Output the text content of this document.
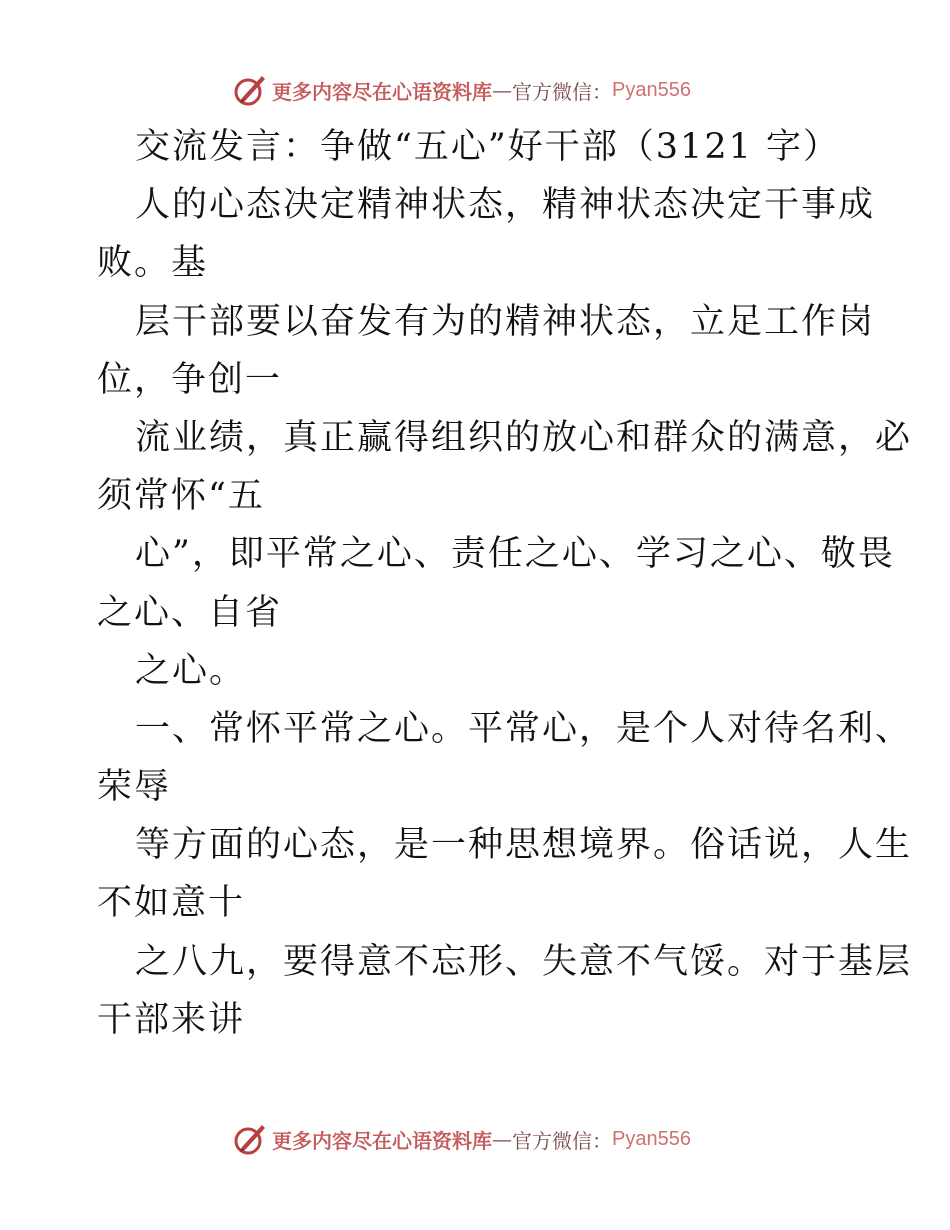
更多内容尽在心语资料库 — 官方微信： Pyan556
交流发言：争做“五心”好干部（3121 字）
人的心态决定精神状态，精神状态决定干事成
败。基
层干部要以奋发有为的精神状态，立足工作岗
位，争创一
流业绩，真正赢得组织的放心和群众的满意，必
须常怀“五
心”，即平常之心、责任之心、学习之心、敬畏
之心、自省
之心。
一、常怀平常之心。平常心，是个人对待名利、
荣辱
等方面的心态，是一种思想境界。俗话说，人生
不如意十
之八九，要得意不忘形、失意不气馁。对于基层
干部来讲
更多内容尽在心语资料库 — 官方微信： Pyan556
